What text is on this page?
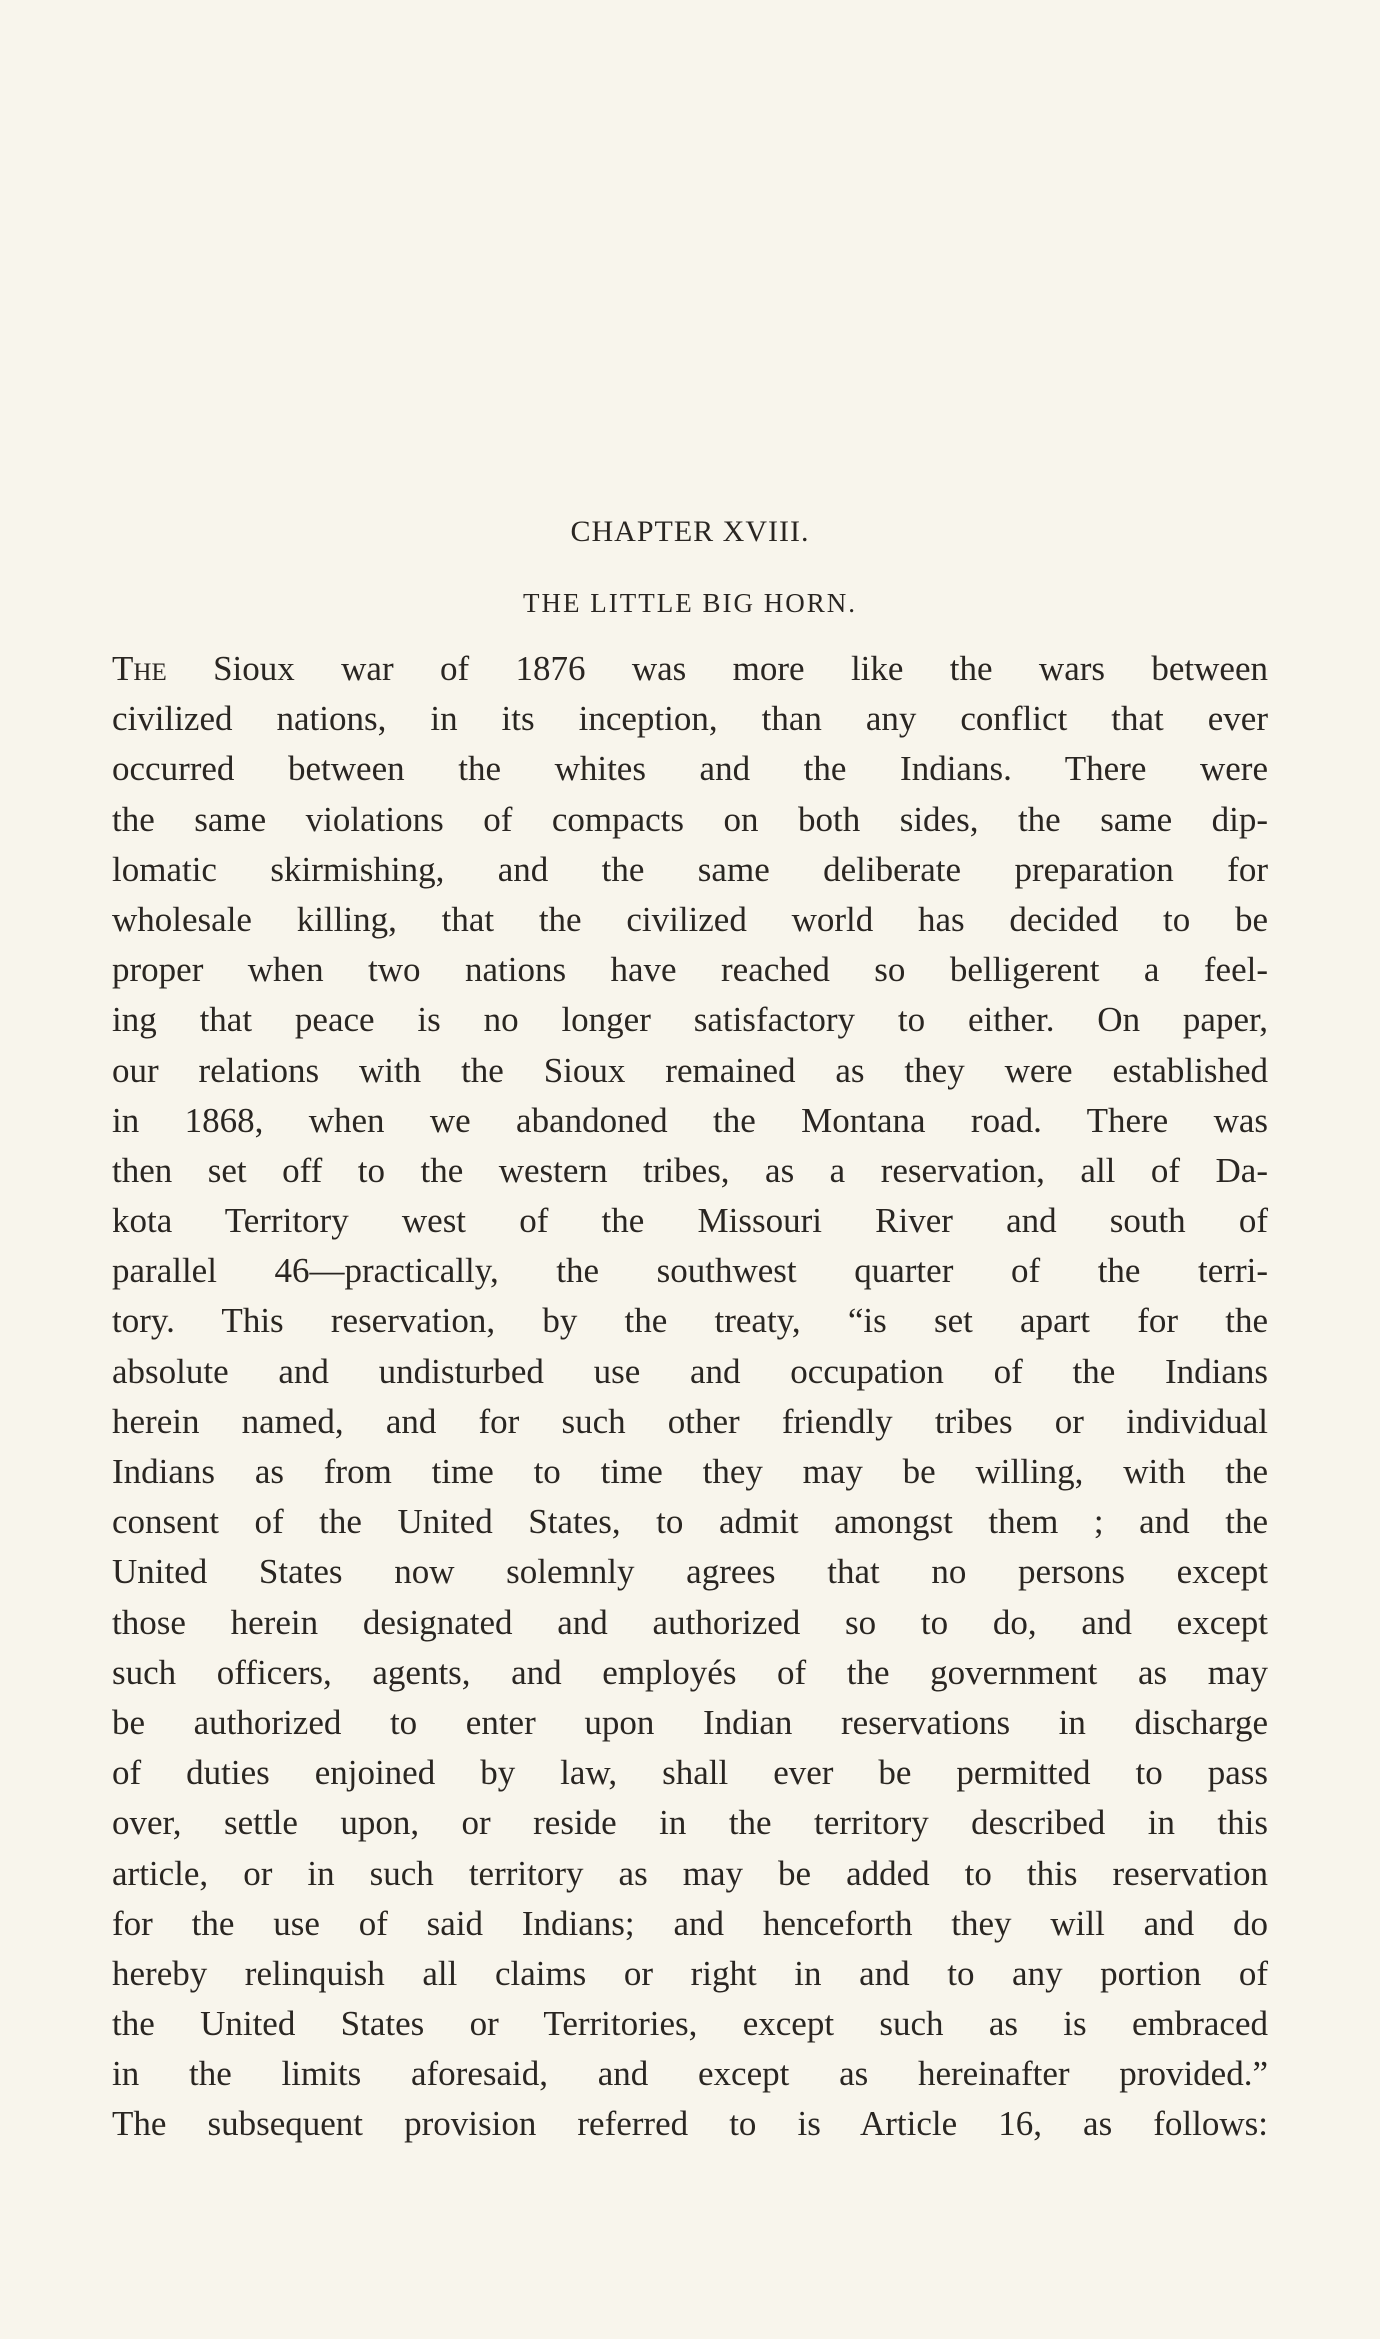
CHAPTER XVIII.
THE LITTLE BIG HORN.
The Sioux war of 1876 was more like the wars between
civilized nations, in its inception, than any conflict that ever
occurred between the whites and the Indians. There were
the same violations of compacts on both sides, the same dip-
lomatic skirmishing, and the same deliberate preparation for
wholesale killing, that the civilized world has decided to be
proper when two nations have reached so belligerent a feel-
ing that peace is no longer satisfactory to either. On paper,
our relations with the Sioux remained as they were established
in 1868, when we abandoned the Montana road. There was
then set off to the western tribes, as a reservation, all of Da-
kota Territory west of the Missouri River and south of
parallel 46—practically, the southwest quarter of the terri-
tory. This reservation, by the treaty, “is set apart for the
absolute and undisturbed use and occupation of the Indians
herein named, and for such other friendly tribes or individual
Indians as from time to time they may be willing, with the
consent of the United States, to admit amongst them ; and the
United States now solemnly agrees that no persons except
those herein designated and authorized so to do, and except
such officers, agents, and employés of the government as may
be authorized to enter upon Indian reservations in discharge
of duties enjoined by law, shall ever be permitted to pass
over, settle upon, or reside in the territory described in this
article, or in such territory as may be added to this reservation
for the use of said Indians; and henceforth they will and do
hereby relinquish all claims or right in and to any portion of
the United States or Territories, except such as is embraced
in the limits aforesaid, and except as hereinafter provided.”
The subsequent provision referred to is Article 16, as follows:
